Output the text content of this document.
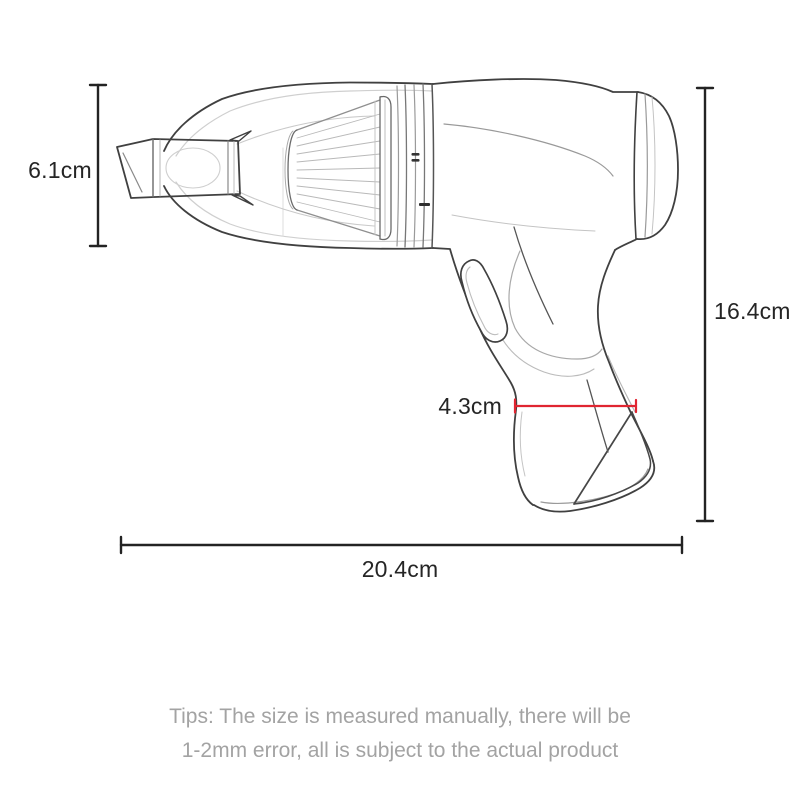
6.1cm
16.4cm
4.3cm
20.4cm
Tips: The size is measured manually, there will be
1-2mm error, all is subject to the actual product
